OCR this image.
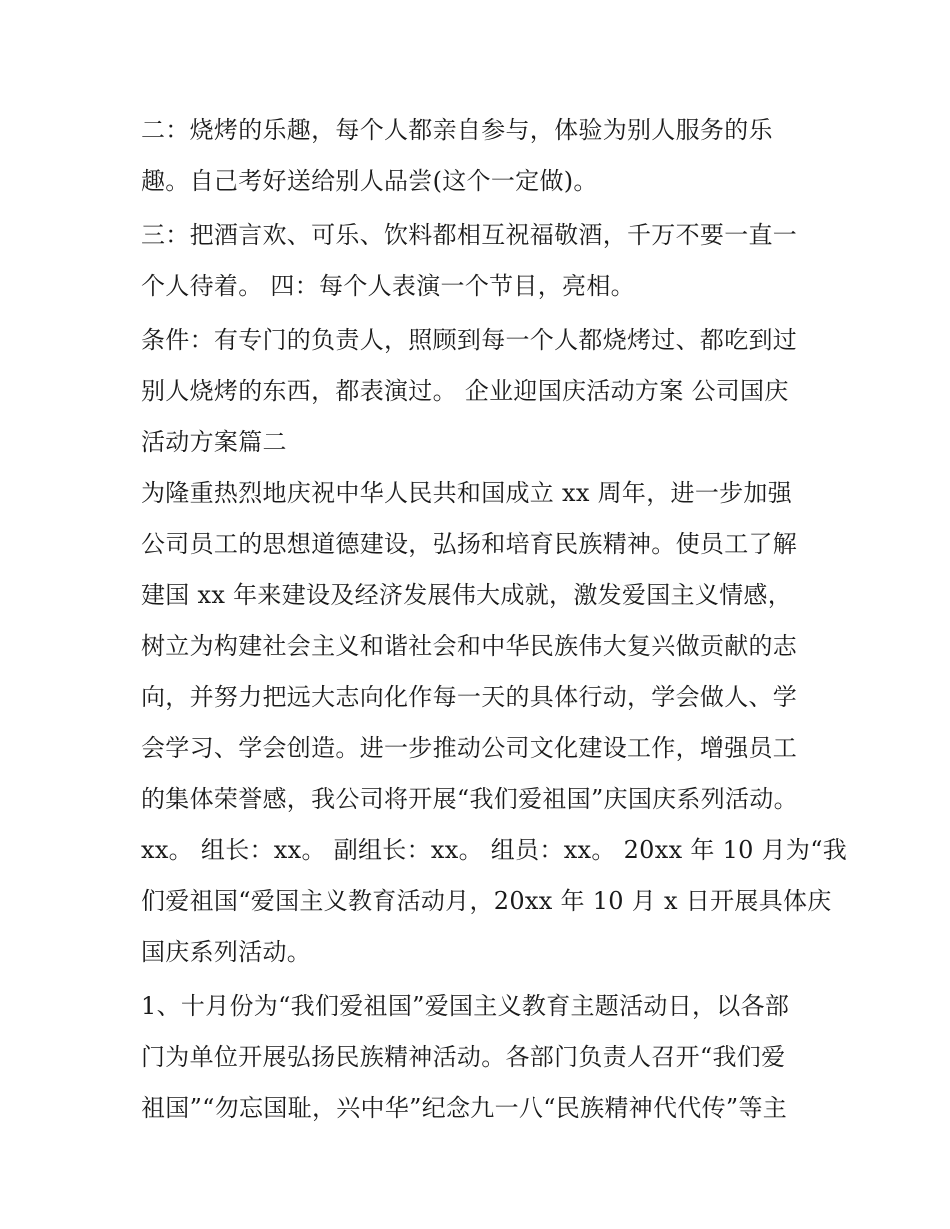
二：烧烤的乐趣，每个人都亲自参与，体验为别人服务的乐
趣。自己考好送给别人品尝(这个一定做)。
三：把酒言欢、可乐、饮料都相互祝福敬酒，千万不要一直一
个人待着。 四：每个人表演一个节目，亮相。
条件：有专门的负责人，照顾到每一个人都烧烤过、都吃到过
别人烧烤的东西，都表演过。 企业迎国庆活动方案 公司国庆
活动方案篇二
为隆重热烈地庆祝中华人民共和国成立 xx 周年，进一步加强
公司员工的思想道德建设，弘扬和培育民族精神。使员工了解
建国 xx 年来建设及经济发展伟大成就，激发爱国主义情感，
树立为构建社会主义和谐社会和中华民族伟大复兴做贡献的志
向，并努力把远大志向化作每一天的具体行动，学会做人、学
会学习、学会创造。进一步推动公司文化建设工作，增强员工
的集体荣誉感，我公司将开展“我们爱祖国”庆国庆系列活动。
xx。 组长：xx。 副组长：xx。 组员：xx。 20xx 年 10 月为“我
们爱祖国“爱国主义教育活动月，20xx 年 10 月 x 日开展具体庆
国庆系列活动。
1、十月份为“我们爱祖国”爱国主义教育主题活动日，以各部
门为单位开展弘扬民族精神活动。各部门负责人召开“我们爱
祖国”“勿忘国耻，兴中华”纪念九一八“民族精神代代传”等主
